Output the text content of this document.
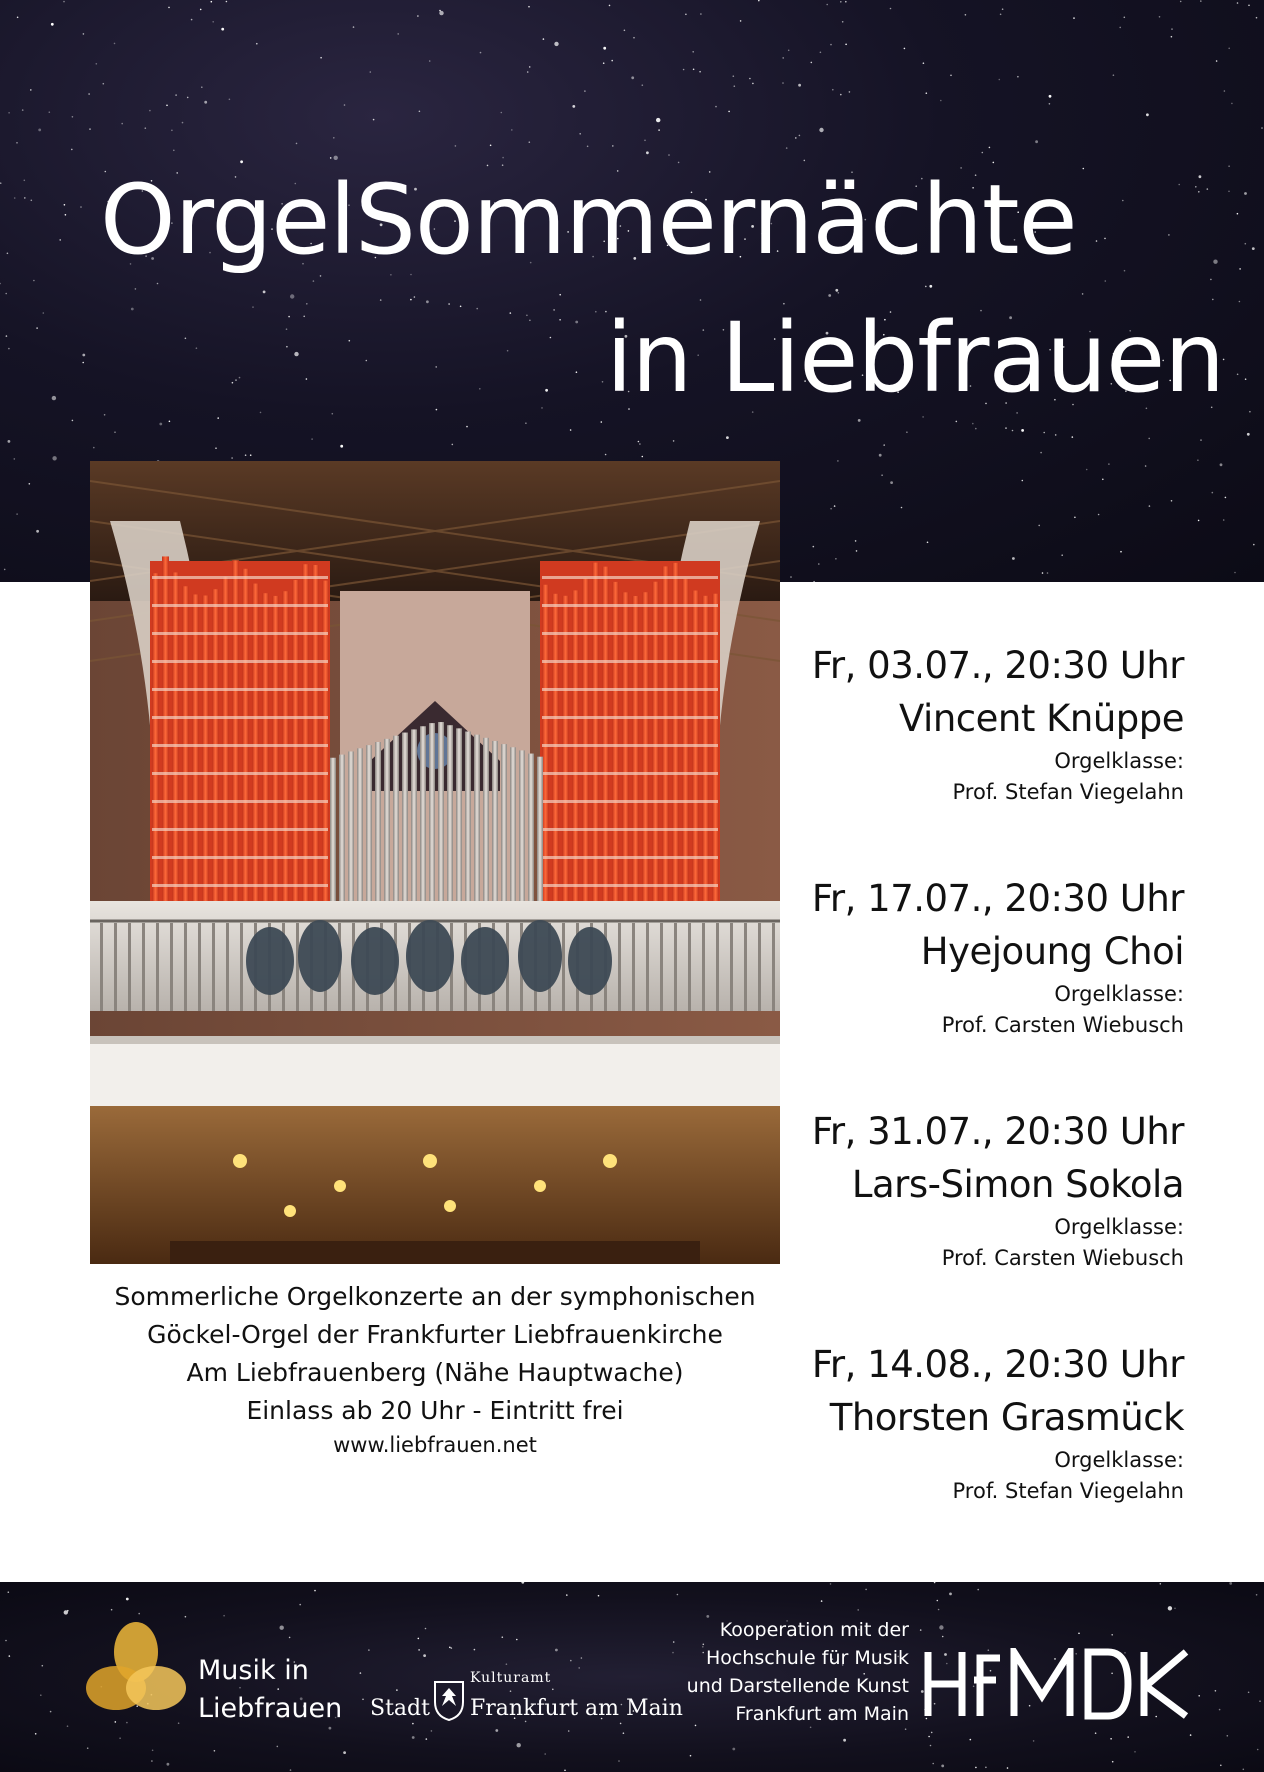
OrgelSommernächte
in Liebfrauen
Sommerliche Orgelkonzerte an der symphonischen
Göckel-Orgel der Frankfurter Liebfrauenkirche
Am Liebfrauenberg (Nähe Hauptwache)
Einlass ab 20 Uhr - Eintritt frei
www.liebfrauen.net
Fr, 03.07., 20:30 Uhr
Vincent Knüppe
Orgelklasse:
Prof. Stefan Viegelahn
Fr, 17.07., 20:30 Uhr
Hyejoung Choi
Orgelklasse:
Prof. Carsten Wiebusch
Fr, 31.07., 20:30 Uhr
Lars-Simon Sokola
Orgelklasse:
Prof. Carsten Wiebusch
Fr, 14.08., 20:30 Uhr
Thorsten Grasmück
Orgelklasse:
Prof. Stefan Viegelahn
Musik in
Liebfrauen Stadt
Kulturamt
Frankfurt am Main
Kooperation mit der
Hochschule für Musik
und Darstellende Kunst
Frankfurt am Main
